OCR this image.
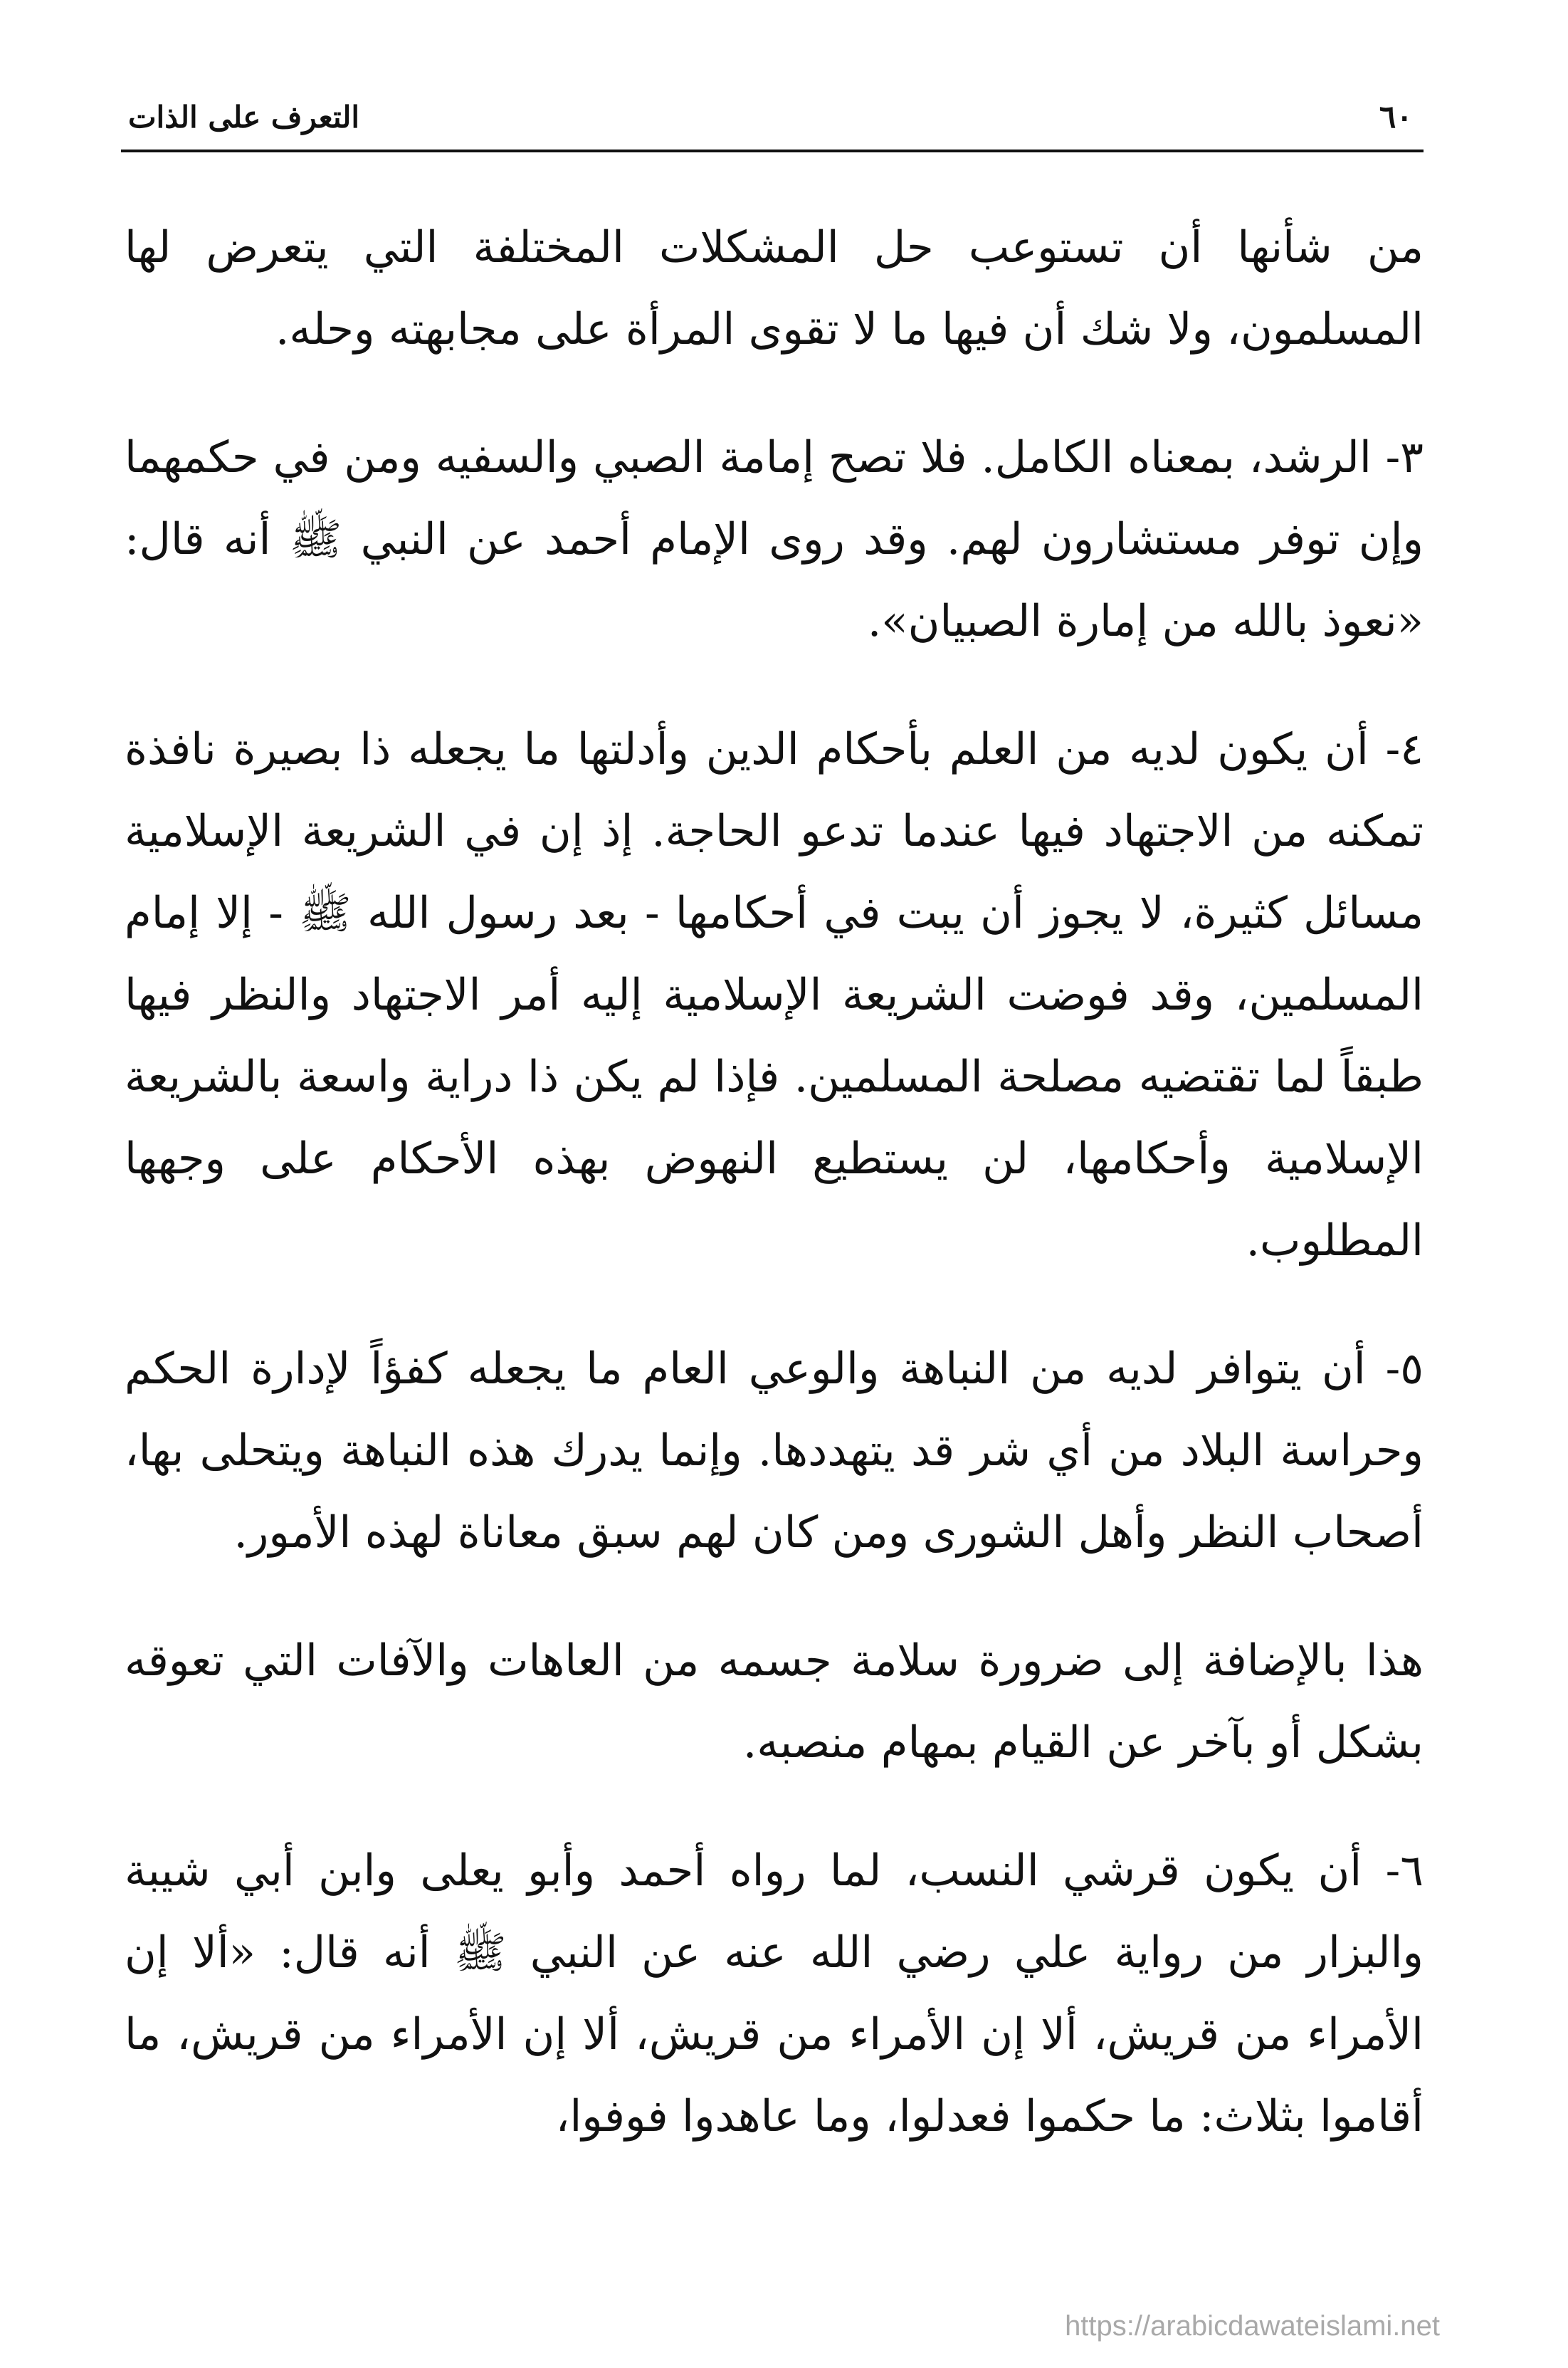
٦٠
التعرف على الذات

من شأنها أن تستوعب حل المشكلات المختلفة التي يتعرض لها المسلمون، ولا شك أن فيها ما لا تقوى المرأة على مجابهته وحله.

٣- الرشد، بمعناه الكامل. فلا تصح إمامة الصبي والسفيه ومن في حكمهما وإن توفر مستشارون لهم. وقد روى الإمام أحمد عن النبي ﷺ أنه قال: «نعوذ بالله من إمارة الصبيان».

٤- أن يكون لديه من العلم بأحكام الدين وأدلتها ما يجعله ذا بصيرة نافذة تمكنه من الاجتهاد فيها عندما تدعو الحاجة. إذ إن في الشريعة الإسلامية مسائل كثيرة، لا يجوز أن يبت في أحكامها - بعد رسول الله ﷺ - إلا إمام المسلمين، وقد فوضت الشريعة الإسلامية إليه أمر الاجتهاد والنظر فيها طبقاً لما تقتضيه مصلحة المسلمين. فإذا لم يكن ذا دراية واسعة بالشريعة الإسلامية وأحكامها، لن يستطيع النهوض بهذه الأحكام على وجهها المطلوب.

٥- أن يتوافر لديه من النباهة والوعي العام ما يجعله كفؤاً لإدارة الحكم وحراسة البلاد من أي شر قد يتهددها. وإنما يدرك هذه النباهة ويتحلى بها، أصحاب النظر وأهل الشورى ومن كان لهم سبق معاناة لهذه الأمور.

هذا بالإضافة إلى ضرورة سلامة جسمه من العاهات والآفات التي تعوقه بشكل أو بآخر عن القيام بمهام منصبه.

٦- أن يكون قرشي النسب، لما رواه أحمد وأبو يعلى وابن أبي شيبة والبزار من رواية علي رضي الله عنه عن النبي ﷺ أنه قال: «ألا إن الأمراء من قريش، ألا إن الأمراء من قريش، ألا إن الأمراء من قريش، ما أقاموا بثلاث: ما حكموا فعدلوا، وما عاهدوا فوفوا،

https://arabicdawateislami.net
